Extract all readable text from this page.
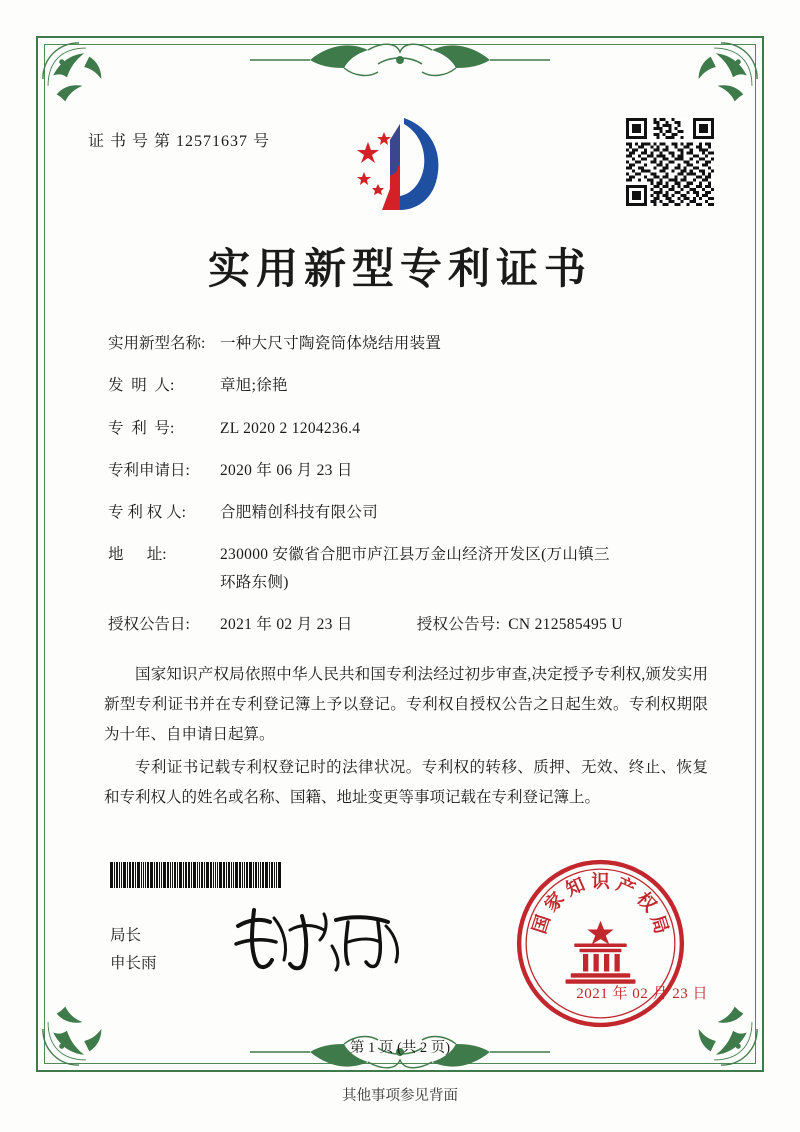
证 书 号 第 12571637 号
实用新型专利证书
实用新型名称: 一种大尺寸陶瓷筒体烧结用装置
发  明  人:	章旭;徐艳
专  利  号:	ZL 2020 2 1204236.4
专利申请日:	2020 年 06 月 23 日
专 利 权 人:	合肥精创科技有限公司
地      址:	230000 安徽省合肥市庐江县万金山经济开发区(万山镇三
环路东侧)
授权公告日:	2021 年 02 月 23 日	授权公告号: CN 212585495 U

国家知识产权局依照中华人民共和国专利法经过初步审查,决定授予专利权,颁发实用新型专利证书并在专利登记簿上予以登记。专利权自授权公告之日起生效。专利权期限为十年、自申请日起算。

专利证书记载专利权登记时的法律状况。专利权的转移、质押、无效、终止、恢复和专利权人的姓名或名称、国籍、地址变更等事项记载在专利登记簿上。

局长
申长雨
国
家
知 识 产
权
局
2021 年 02 月 23 日
第 1 页 (共 2 页)
其他事项参见背面
